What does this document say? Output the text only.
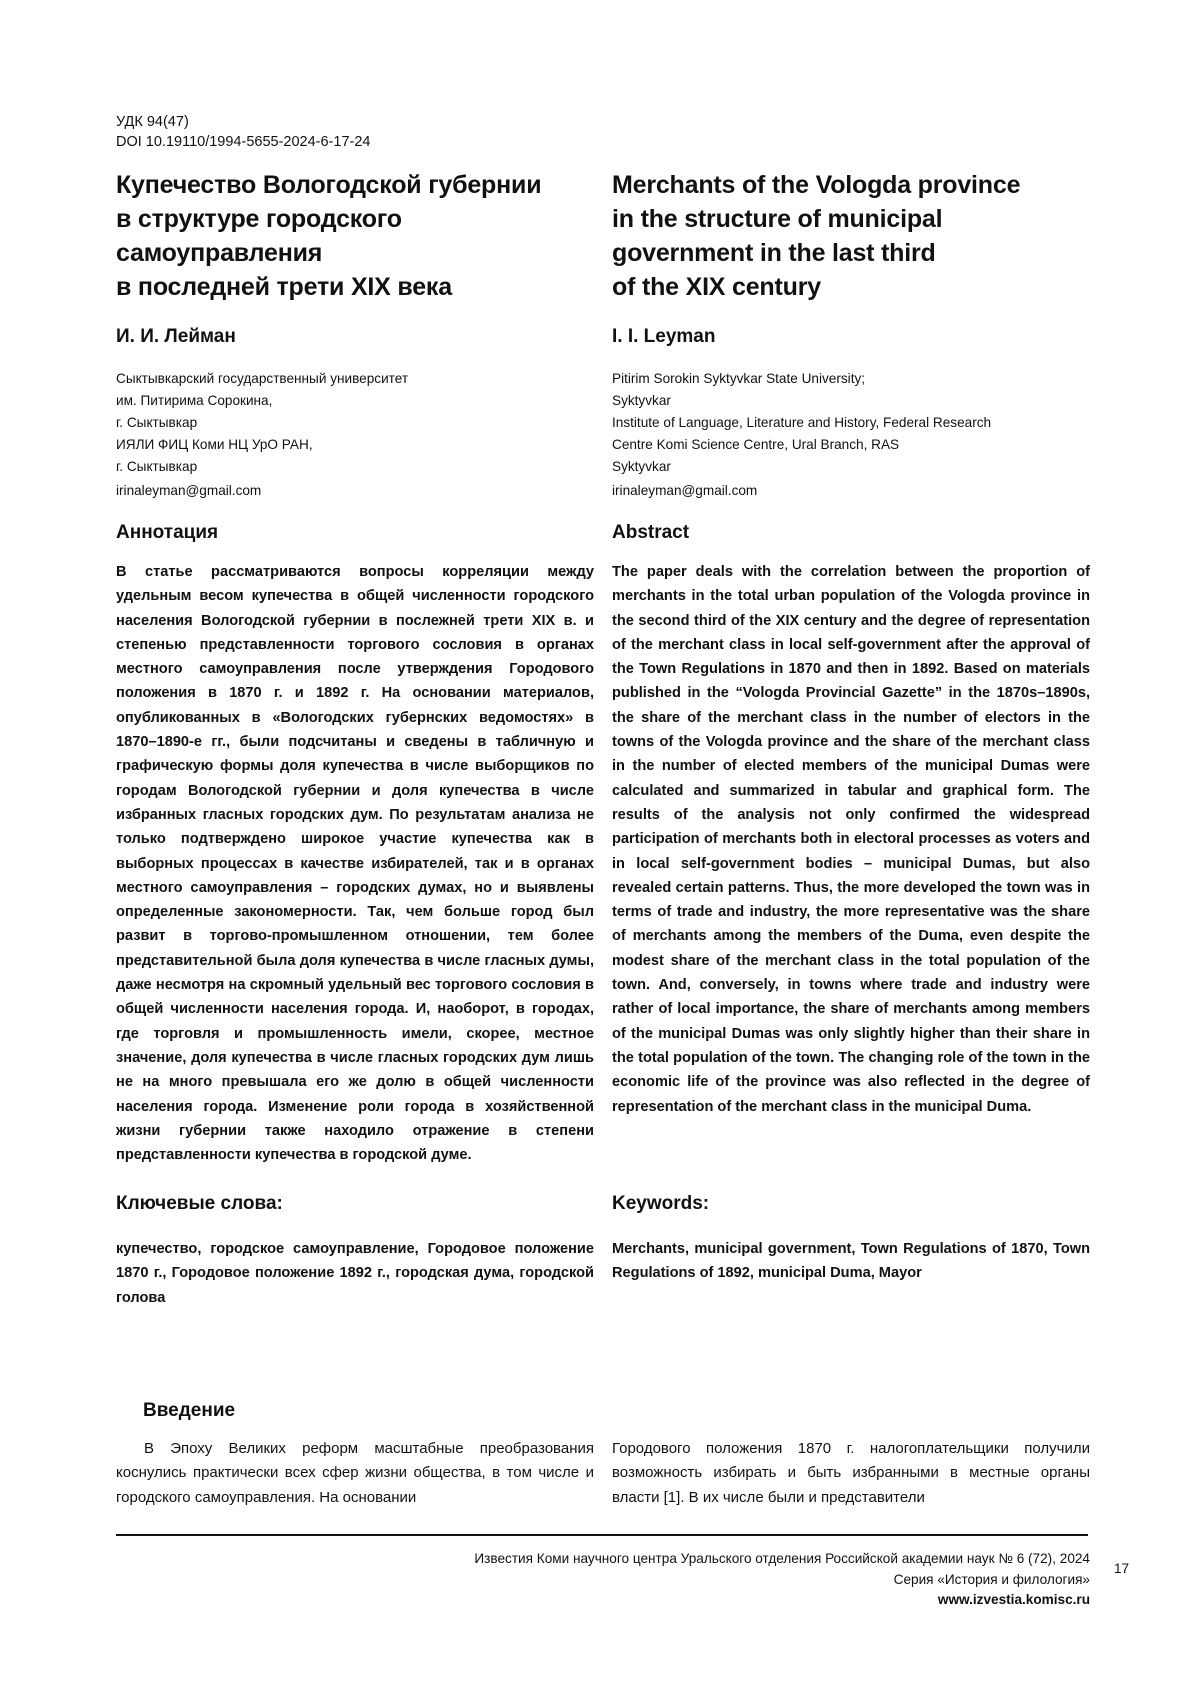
УДК 94(47)
DOI 10.19110/1994-5655-2024-6-17-24
Купечество Вологодской губернии
в структуре городского
самоуправления
в последней трети XIX века
Merchants of the Vologda province
in the structure of municipal
government in the last third
of the XIX century
И. И. Лейман	I. I. Leyman
Сыктывкарский государственный университет
им. Питирима Сорокина,
г. Сыктывкар
ИЯЛИ ФИЦ Коми НЦ УрО РАН,
г. Сыктывкар
Pitirim Sorokin Syktyvkar State University;
Syktyvkar
Institute of Language, Literature and History, Federal Research
Centre Komi Science Centre, Ural Branch, RAS
Syktyvkar
irinaleyman@gmail.com	irinaleyman@gmail.com
Аннотация	Abstract
В статье рассматриваются вопросы корреляции между удельным весом купечества в общей численности городского населения Вологодской губернии в послежней трети XIX в. и степенью представленности торгового сословия в органах местного самоуправления после утверждения Городового положения в 1870 г. и 1892 г. На основании материалов, опубликованных в «Вологодских губернских ведомостях» в 1870–1890-е гг., были подсчитаны и сведены в табличную и графическую формы доля купечества в числе выборщиков по городам Вологодской губернии и доля купечества в числе избранных гласных городских дум. По результатам анализа не только подтверждено широкое участие купечества как в выборных процессах в качестве избирателей, так и в органах местного самоуправления – городских думах, но и выявлены определенные закономерности. Так, чем больше город был развит в торгово-промышленном отношении, тем более представительной была доля купечества в числе гласных думы, даже несмотря на скромный удельный вес торгового сословия в общей численности населения города. И, наоборот, в городах, где торговля и промышленность имели, скорее, местное значение, доля купечества в числе гласных городских дум лишь не на много превышала его же долю в общей численности населения города. Изменение роли города в хозяйственной жизни губернии также находило отражение в степени представленности купечества в городской думе.
The paper deals with the correlation between the proportion of merchants in the total urban population of the Vologda province in the second third of the XIX century and the degree of representation of the merchant class in local self-government after the approval of the Town Regulations in 1870 and then in 1892. Based on materials published in the “Vologda Provincial Gazette” in the 1870s–1890s, the share of the merchant class in the number of electors in the towns of the Vologda province and the share of the merchant class in the number of elected members of the municipal Dumas were calculated and summarized in tabular and graphical form. The results of the analysis not only confirmed the widespread participation of merchants both in electoral processes as voters and in local self-government bodies – municipal Dumas, but also revealed certain patterns. Thus, the more developed the town was in terms of trade and industry, the more representative was the share of merchants among the members of the Duma, even despite the modest share of the merchant class in the total population of the town. And, conversely, in towns where trade and industry were rather of local importance, the share of merchants among members of the municipal Dumas was only slightly higher than their share in the total population of the town. The changing role of the town in the economic life of the province was also reflected in the degree of representation of the merchant class in the municipal Duma.
Ключевые слова:	Keywords:
купечество, городское самоуправление, Городовое положение 1870 г., Городовое положение 1892 г., городская дума, городской голова
Merchants, municipal government, Town Regulations of 1870, Town Regulations of 1892, municipal Duma, Mayor
Введение
В Эпоху Великих реформ масштабные преобразования коснулись практически всех сфер жизни общества, в том числе и городского самоуправления. На основании
Городового положения 1870 г. налогоплательщики получили возможность избирать и быть избранными в местные органы власти [1]. В их числе были и представители
Известия Коми научного центра Уральского отделения Российской академии наук № 6 (72), 2024
Серия «История и филология»
www.izvestia.komisc.ru
17
